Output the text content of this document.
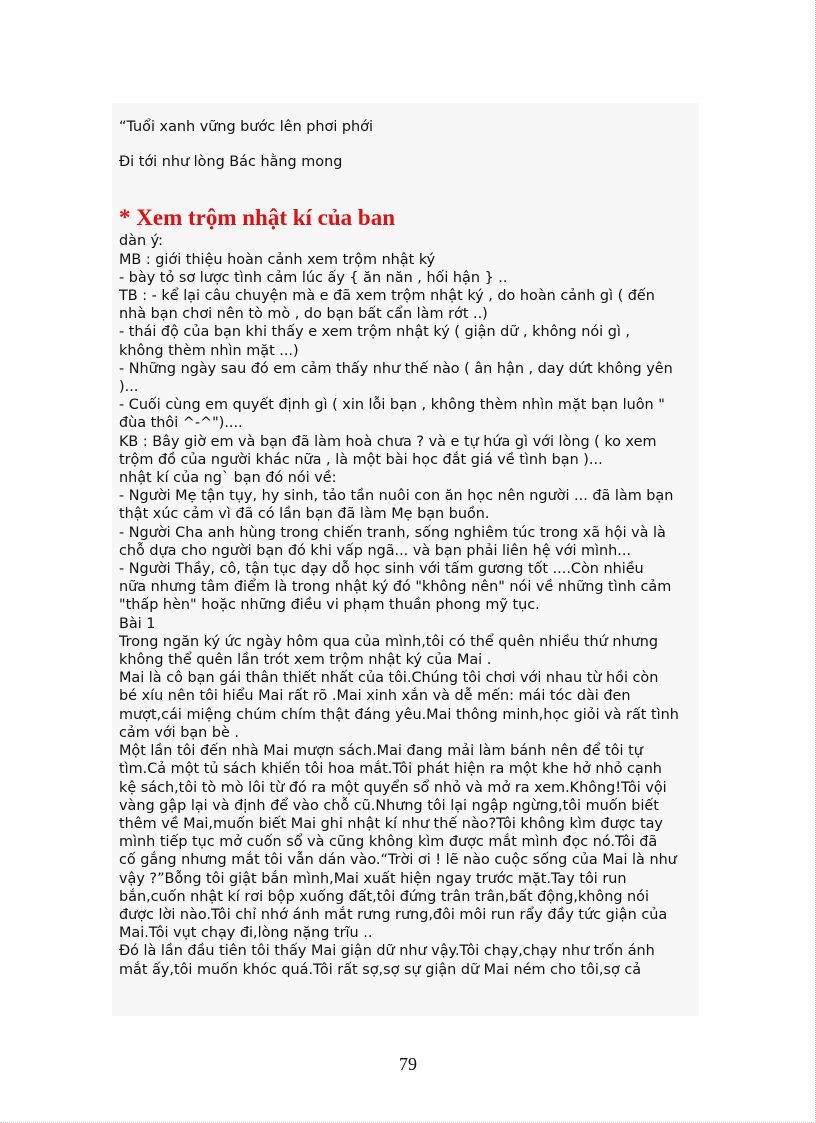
“Tuổi xanh vững bước lên phơi phới

Đi tới như lòng Bác hằng mong

* Xem trộm nhật kí của ban

dàn ý:

MB : giới thiệu hoàn cảnh xem trộm nhật ký

- bày tỏ sơ lược tình cảm lúc ấy { ăn năn , hối hận } ..

TB : - kể lại câu chuyện mà e đã xem trộm nhật ký , do hoàn cảnh gì ( đến

nhà bạn chơi nên tò mò , do bạn bất cẩn làm rớt ..)

- thái độ của bạn khi thấy e xem trộm nhật ký ( giận dữ , không nói gì ,

không thèm nhìn mặt ...)

- Những ngày sau đó em cảm thấy như thế nào ( ân hận , day dứt không yên

)...

- Cuối cùng em quyết định gì ( xin lỗi bạn , không thèm nhìn mặt bạn luôn "

đùa thôi ^-^")....

KB : Bây giờ em và bạn đã làm hoà chưa ? và e tự hứa gì với lòng ( ko xem

trộm đồ của người khác nữa , là một bài học đắt giá về tình bạn )...

nhật kí của ng` bạn đó nói về:

- Người Mẹ tận tụy, hy sinh, tảo tần nuôi con ăn học nên người ... đã làm bạn

thật xúc cảm vì đã có lần bạn đã làm Mẹ bạn buồn.

- Người Cha anh hùng trong chiến tranh, sống nghiêm túc trong xã hội và là

chỗ dựa cho người bạn đó khi vấp ngã... và bạn phải liên hệ với mình...

- Người Thầy, cô, tận tục dạy dỗ học sinh với tấm gương tốt ....Còn nhiều

nữa nhưng tâm điểm là trong nhật ký đó "không nên" nói về những tình cảm

"thấp hèn" hoặc những điều vi phạm thuần phong mỹ tục.

Bài 1

Trong ngăn ký ức ngày hôm qua của mình,tôi có thể quên nhiều thứ nhưng

không thể quên lần trót xem trộm nhật ký của Mai .

Mai là cô bạn gái thân thiết nhất của tôi.Chúng tôi chơi với nhau từ hồi còn

bé xíu nên tôi hiểu Mai rất rõ .Mai xinh xắn và dễ mến: mái tóc dài đen

mượt,cái miệng chúm chím thật đáng yêu.Mai thông minh,học giỏi và rất tình

cảm với bạn bè .

Một lần tôi đến nhà Mai mượn sách.Mai đang mải làm bánh nên để tôi tự

tìm.Cả một tủ sách khiến tôi hoa mắt.Tôi phát hiện ra một khe hở nhỏ cạnh

kệ sách,tôi tò mò lôi từ đó ra một quyển sổ nhỏ và mở ra xem.Không!Tôi vội

vàng gập lại và định để vào chỗ cũ.Nhưng tôi lại ngập ngừng,tôi muốn biết

thêm về Mai,muốn biết Mai ghi nhật kí như thế nào?Tôi không kìm được tay

mình tiếp tục mở cuốn sổ và cũng không kìm được mắt mình đọc nó.Tôi đã

cố gắng nhưng mắt tôi vẫn dán vào.“Trời ơi ! lẽ nào cuộc sống của Mai là như

vậy ?”Bỗng tôi giật bắn mình,Mai xuất hiện ngay trước mặt.Tay tôi run

bắn,cuốn nhật kí rơi bộp xuống đất,tôi đứng trân trân,bất động,không nói

được lời nào.Tôi chỉ nhớ ánh mắt rưng rưng,đôi môi run rẩy đầy tức giận của

Mai.Tôi vụt chạy đi,lòng nặng trĩu ..

Đó là lần đầu tiên tôi thấy Mai giận dữ như vậy.Tôi chạy,chạy như trốn ánh

mắt ấy,tôi muốn khóc quá.Tôi rất sợ,sợ sự giận dữ Mai ném cho tôi,sợ cả

79
